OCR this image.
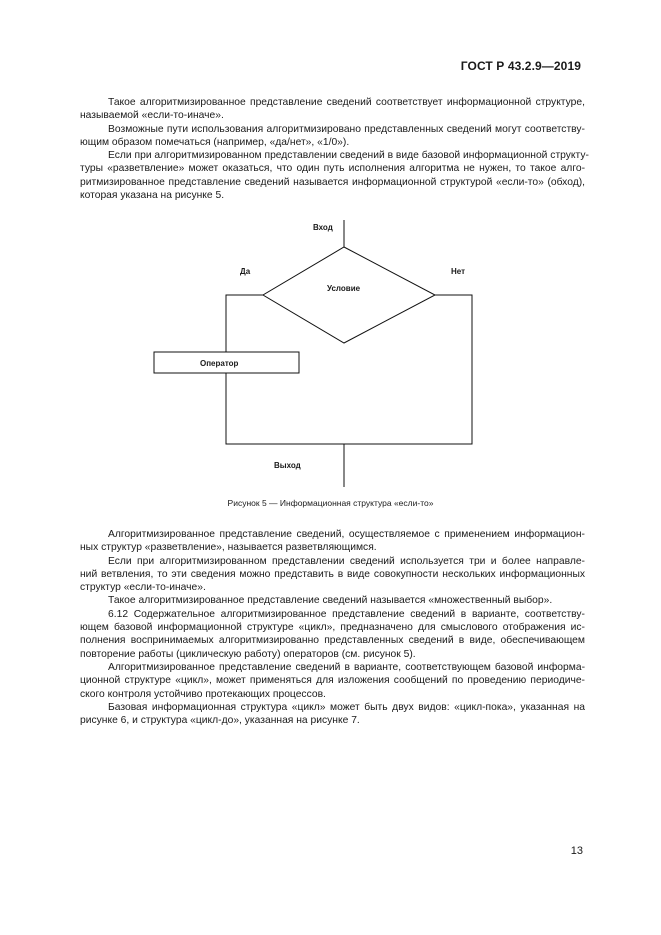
ГОСТ Р 43.2.9—2019
Такое алгоритмизированное представление сведений соответствует информационной структуре,
называемой «если-то-иначе».
Возможные пути использования алгоритмизировано представленных сведений могут соответству-
ющим образом помечаться (например, «да/нет», «1/0»).
Если при алгоритмизированном представлении сведений в виде базовой информационной структу-
туры «разветвление» может оказаться, что один путь исполнения алгоритма не нужен, то такое алго-
ритмизированное представление сведений называется информационной структурой «если-то» (обход),
которая указана на рисунке 5.
Вход
Да	Нет
Условие
Оператор
Выход
Рисунок 5 — Информационная структура «если-то»
Алгоритмизированное представление сведений, осуществляемое с применением информацион-
ных структур «разветвление», называется разветвляющимся.
Если при алгоритмизированном представлении сведений используется три и более направле-
ний ветвления, то эти сведения можно представить в виде совокупности нескольких информационных
структур «если-то-иначе».
Такое алгоритмизированное представление сведений называется «множественный выбор».
6.12 Содержательное алгоритмизированное представление сведений в варианте, соответству-
ющем базовой информационной структуре «цикл», предназначено для смыслового отображения ис-
полнения воспринимаемых алгоритмизированно представленных сведений в виде, обеспечивающем
повторение работы (циклическую работу) операторов (см. рисунок 5).
Алгоритмизированное представление сведений в варианте, соответствующем базовой информа-
ционной структуре «цикл», может применяться для изложения сообщений по проведению периодиче-
ского контроля устойчиво протекающих процессов.
Базовая информационная структура «цикл» может быть двух видов: «цикл-пока», указанная на
рисунке 6, и структура «цикл-до», указанная на рисунке 7.
13
